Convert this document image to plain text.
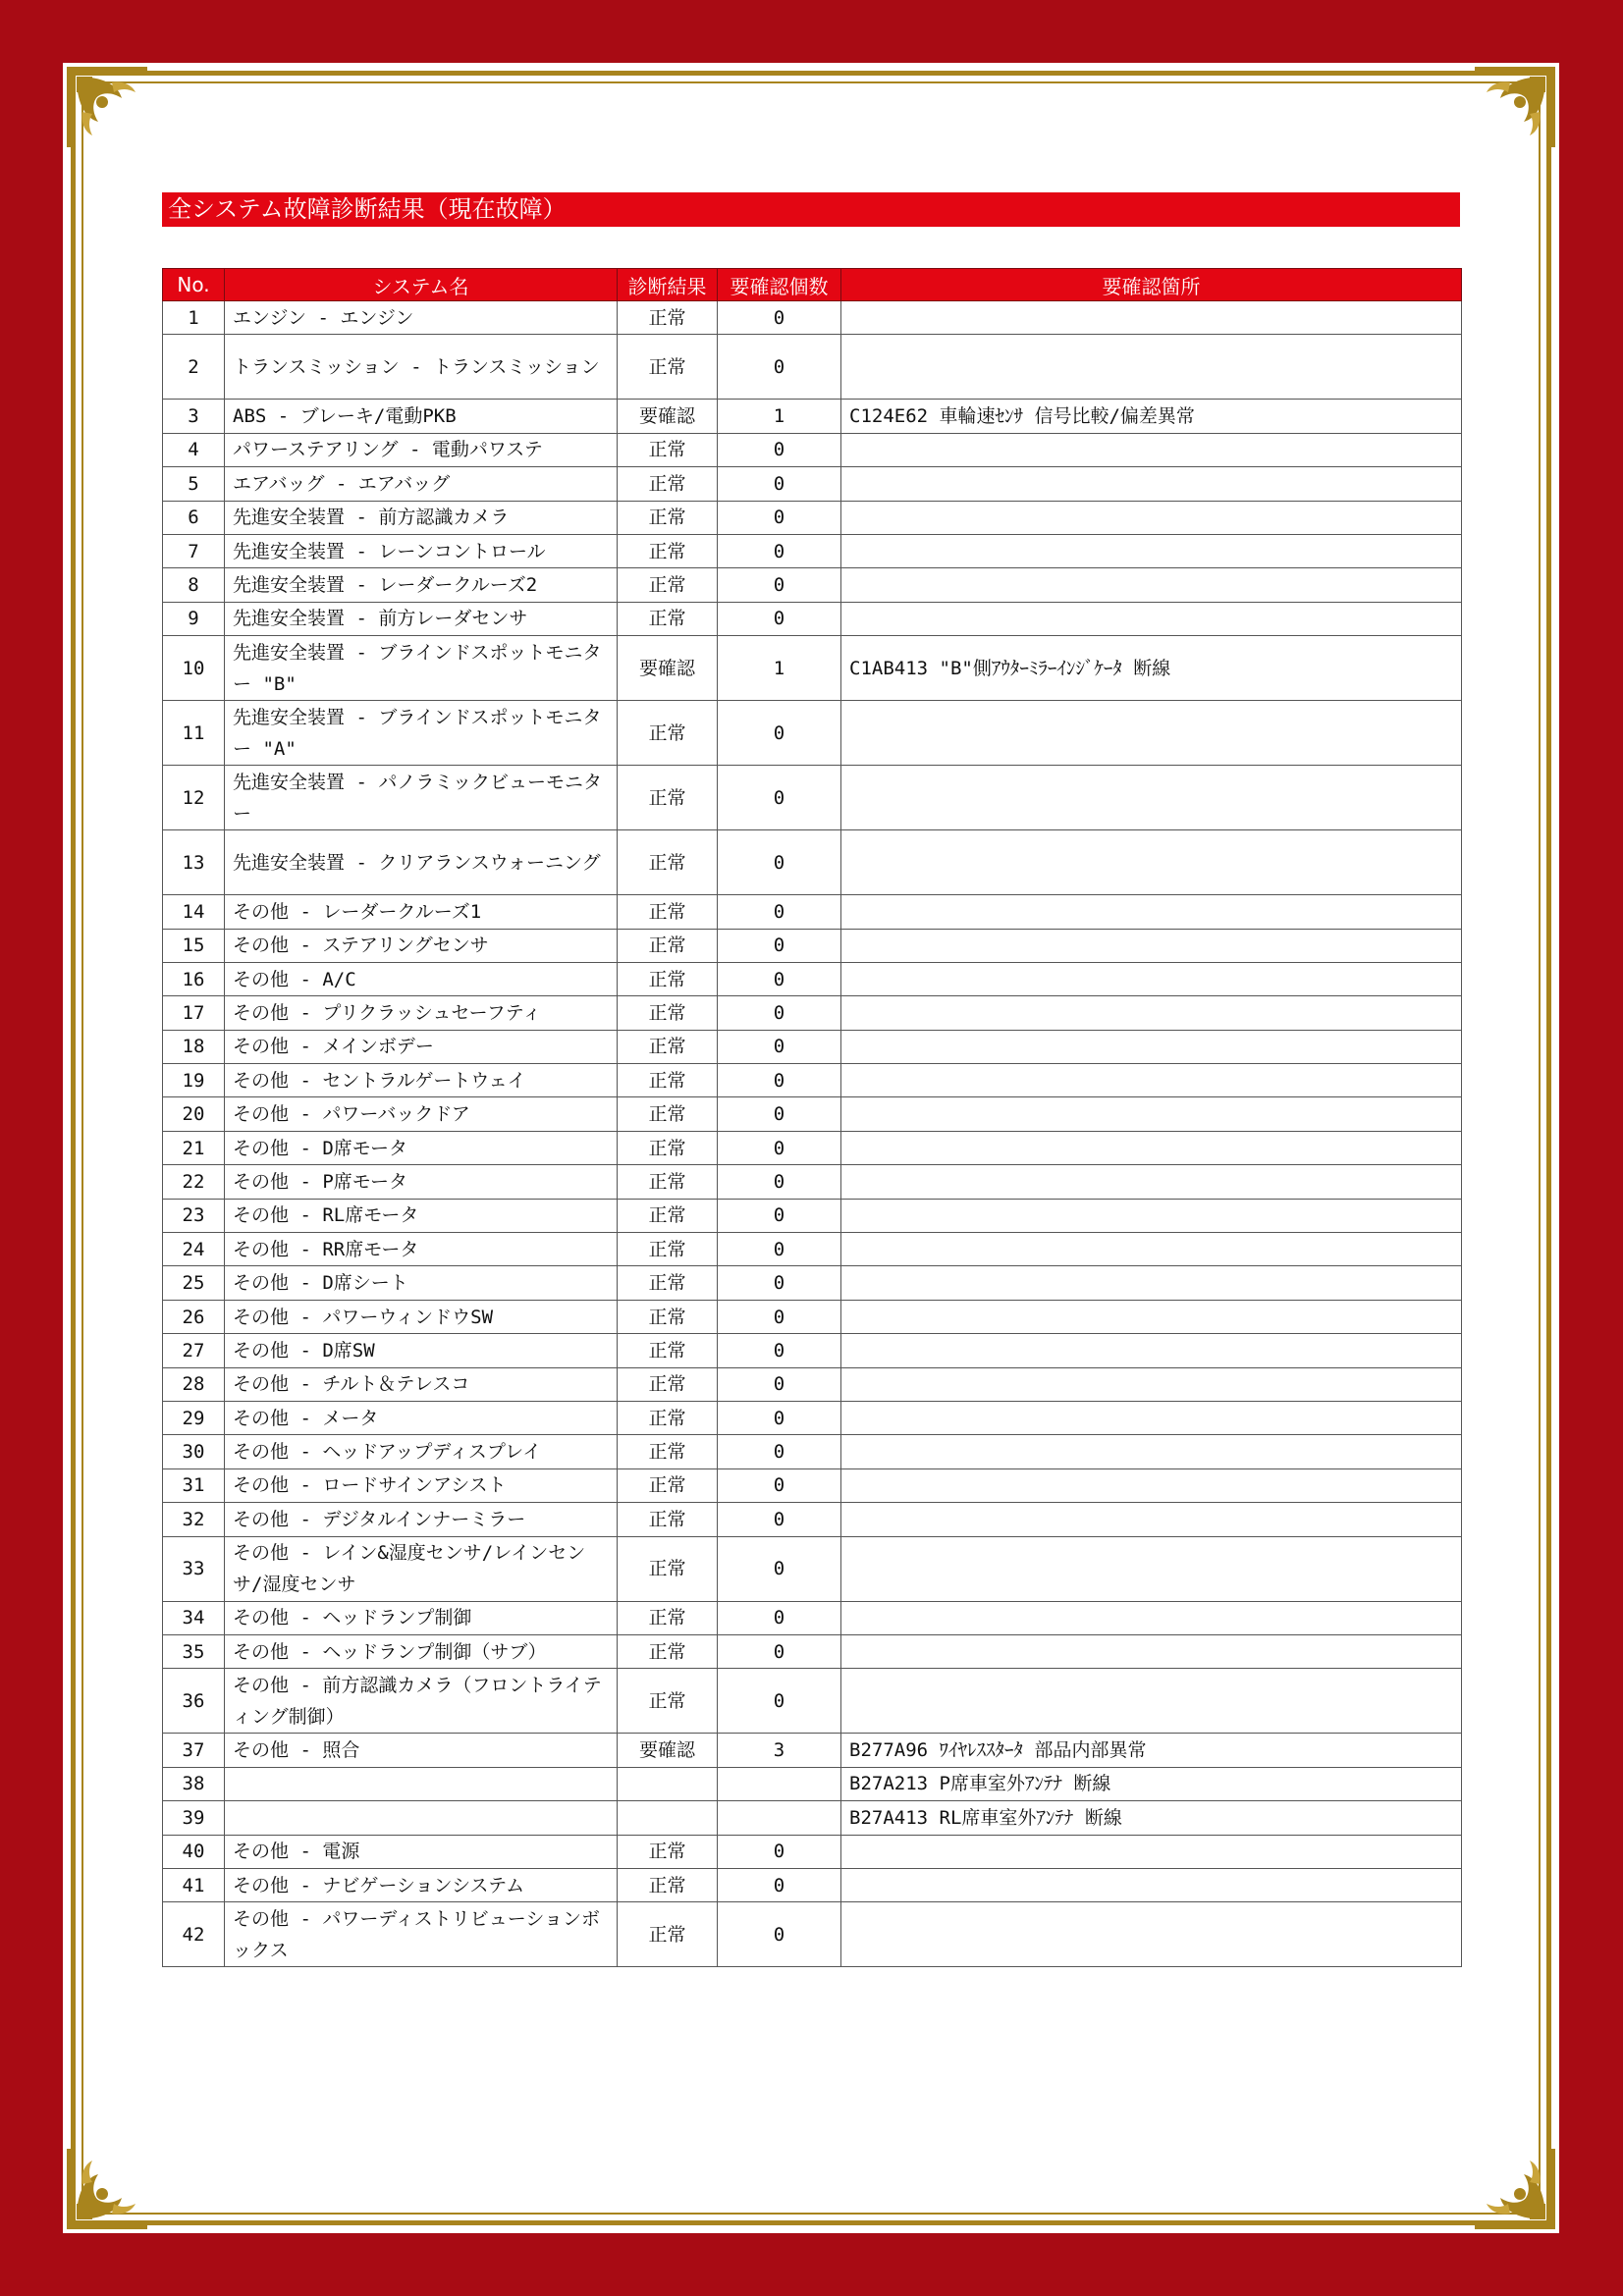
全システム故障診断結果（現在故障）
No.	システム名	診断結果	要確認個数	要確認箇所
1	エンジン - エンジン	正常	0	
2	トランスミッション - トランスミッション	正常	0	
3	ABS - ブレーキ/電動PKB	要確認	1	C124E62 車輪速ｾﾝｻ 信号比較/偏差異常
4	パワーステアリング - 電動パワステ	正常	0	
5	エアバッグ - エアバッグ	正常	0	
6	先進安全装置 - 前方認識カメラ	正常	0	
7	先進安全装置 - レーンコントロール	正常	0	
8	先進安全装置 - レーダークルーズ2	正常	0	
9	先進安全装置 - 前方レーダセンサ	正常	0	
10	先進安全装置 - ブラインドスポットモニター "B"	要確認	1	C1AB413 "B"側ｱｳﾀｰﾐﾗｰｲﾝｼﾞｹｰﾀ 断線
11	先進安全装置 - ブラインドスポットモニター "A"	正常	0	
12	先進安全装置 - パノラミックビューモニター	正常	0	
13	先進安全装置 - クリアランスウォーニング	正常	0	
14	その他 - レーダークルーズ1	正常	0	
15	その他 - ステアリングセンサ	正常	0	
16	その他 - A/C	正常	0	
17	その他 - プリクラッシュセーフティ	正常	0	
18	その他 - メインボデー	正常	0	
19	その他 - セントラルゲートウェイ	正常	0	
20	その他 - パワーバックドア	正常	0	
21	その他 - D席モータ	正常	0	
22	その他 - P席モータ	正常	0	
23	その他 - RL席モータ	正常	0	
24	その他 - RR席モータ	正常	0	
25	その他 - D席シート	正常	0	
26	その他 - パワーウィンドウSW	正常	0	
27	その他 - D席SW	正常	0	
28	その他 - チルト＆テレスコ	正常	0	
29	その他 - メータ	正常	0	
30	その他 - ヘッドアップディスプレイ	正常	0	
31	その他 - ロードサインアシスト	正常	0	
32	その他 - デジタルインナーミラー	正常	0	
33	その他 - レイン&湿度センサ/レインセンサ/湿度センサ	正常	0	
34	その他 - ヘッドランプ制御	正常	0	
35	その他 - ヘッドランプ制御（サブ）	正常	0	
36	その他 - 前方認識カメラ（フロントライティング制御）	正常	0	
37	その他 - 照合	要確認	3	B277A96 ﾜｲﾔﾚｽｽﾀｰﾀ 部品内部異常
38				B27A213 P席車室外ｱﾝﾃﾅ 断線
39				B27A413 RL席車室外ｱﾝﾃﾅ 断線
40	その他 - 電源	正常	0	
41	その他 - ナビゲーションシステム	正常	0	
42	その他 - パワーディストリビューションボックス	正常	0	
